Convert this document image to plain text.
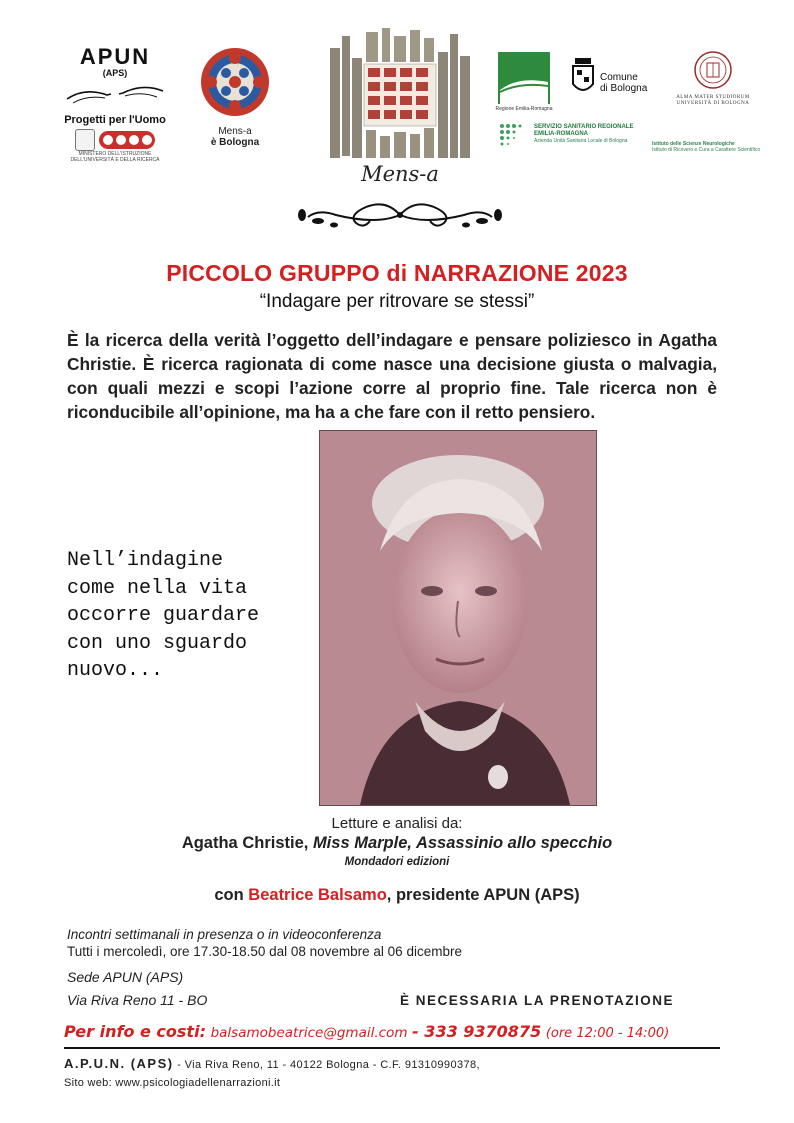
APUN
(APS)
Progetti per l'Uomo
MINISTERO DELL'ISTRUZIONE DELL'UNIVERSITÀ E DELLA RICERCA
Mens-a
è Bologna
Mens-a
Regione Emilia-Romagna
Comune
di Bologna
ALMA MATER STUDIORUM
UNIVERSITÀ DI BOLOGNA
SERVIZIO SANITARIO REGIONALE
EMILIA-ROMAGNA
Azienda Unità Sanitaria Locale di Bologna	Istituto delle Scienze Neurologiche
Istituto di Ricovero e Cura a Carattere Scientifico
PICCOLO GRUPPO di NARRAZIONE 2023
“Indagare per ritrovare se stessi”
È la ricerca della verità l’oggetto dell’indagare e pensare poliziesco in Agatha Christie. È ricerca ragionata di come nasce una decisione giusta o malvagia, con quali mezzi e scopi l’azione corre al proprio fine. Tale ricerca non è riconducibile all’opinione, ma ha a che fare con il retto pensiero.
Nell’indagine
come nella vita
occorre guardare
con uno sguardo
nuovo...
Letture e analisi da:
Agatha Christie, Miss Marple, Assassinio allo specchio
Mondadori edizioni
con Beatrice Balsamo, presidente APUN (APS)
Incontri settimanali in presenza o in videoconferenza
Tutti i mercoledì, ore 17.30-18.50 dal 08 novembre al 06 dicembre
Sede APUN (APS)
Via Riva Reno 11 - BO	È NECESSARIA LA PRENOTAZIONE
Per info e costi: balsamobeatrice@gmail.com - 333 9370875 (ore 12:00 - 14:00)
A.P.U.N. (APS) - Via Riva Reno, 11 - 40122 Bologna - C.F. 91310990378,
Sito web: www.psicologiadellenarrazioni.it
